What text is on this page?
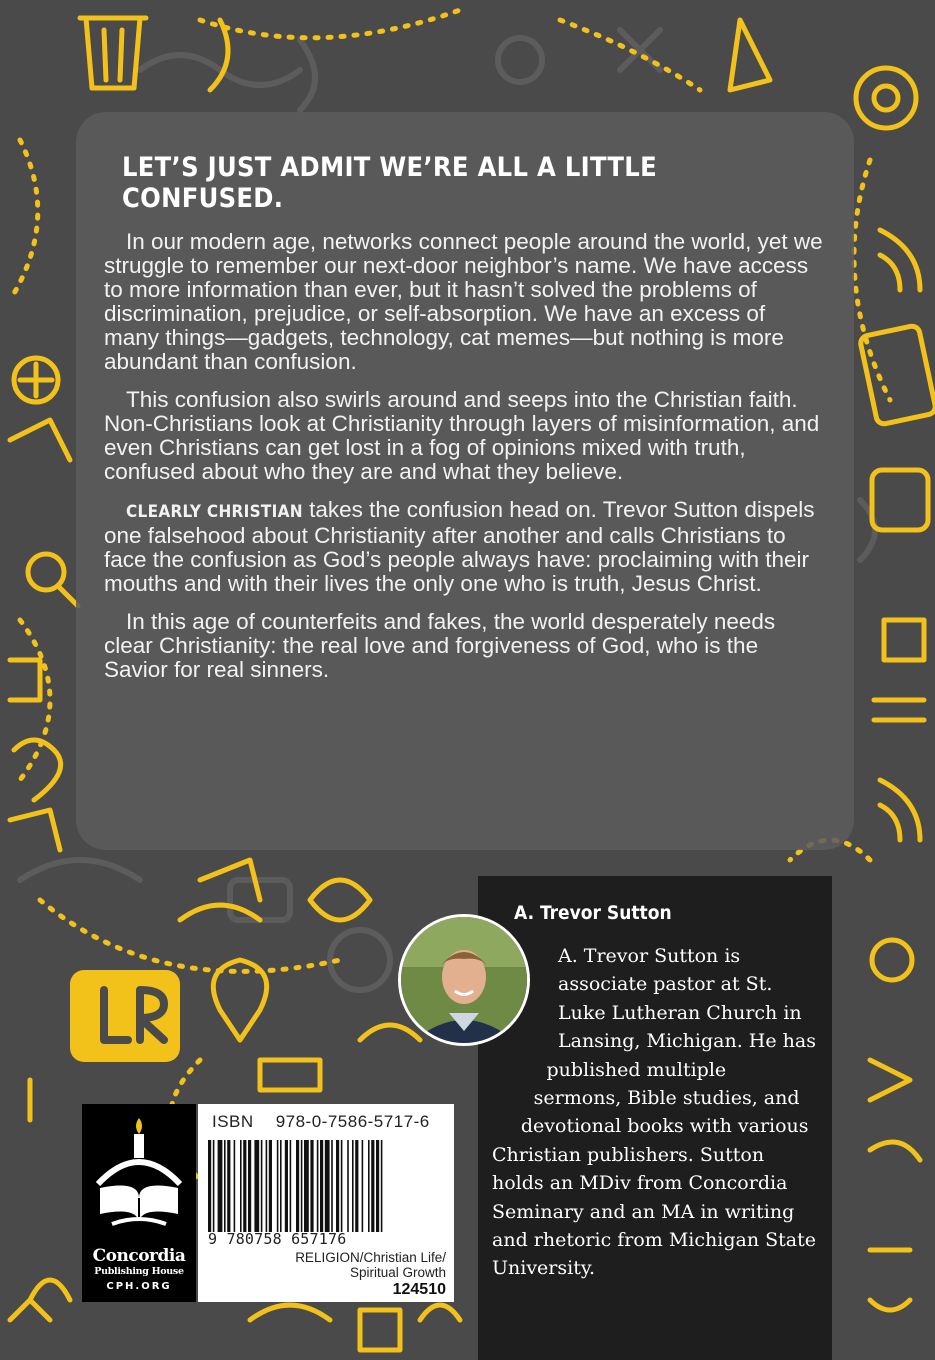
LET’S JUST ADMIT WE’RE ALL A LITTLE CONFUSED.

In our modern age, networks connect people around the world, yet we struggle to remember our next-door neighbor’s name. We have access to more information than ever, but it hasn’t solved the problems of discrimination, prejudice, or self-absorption. We have an excess of many things—gadgets, technology, cat memes—but nothing is more abundant than confusion.

This confusion also swirls around and seeps into the Christian faith. Non-Christians look at Christianity through layers of misinformation, and even Christians can get lost in a fog of opinions mixed with truth, confused about who they are and what they believe.

CLEARLY CHRISTIAN takes the confusion head on. Trevor Sutton dispels one falsehood about Christianity after another and calls Christians to face the confusion as God’s people always have: proclaiming with their mouths and with their lives the only one who is truth, Jesus Christ.

In this age of counterfeits and fakes, the world desperately needs clear Christianity: the real love and forgiveness of God, who is the Savior for real sinners.

A. Trevor Sutton

A. Trevor Sutton is associate pastor at St. Luke Lutheran Church in Lansing, Michigan. He has published multiple sermons, Bible studies, and devotional books with various Christian publishers. Sutton holds an MDiv from Concordia Seminary and an MA in writing and rhetoric from Michigan State University.

Concordia
Publishing House
CPH.ORG
ISBN 978-0-7586-5717-6
9 780758 657176
RELIGION/Christian Life/
Spiritual Growth
124510
